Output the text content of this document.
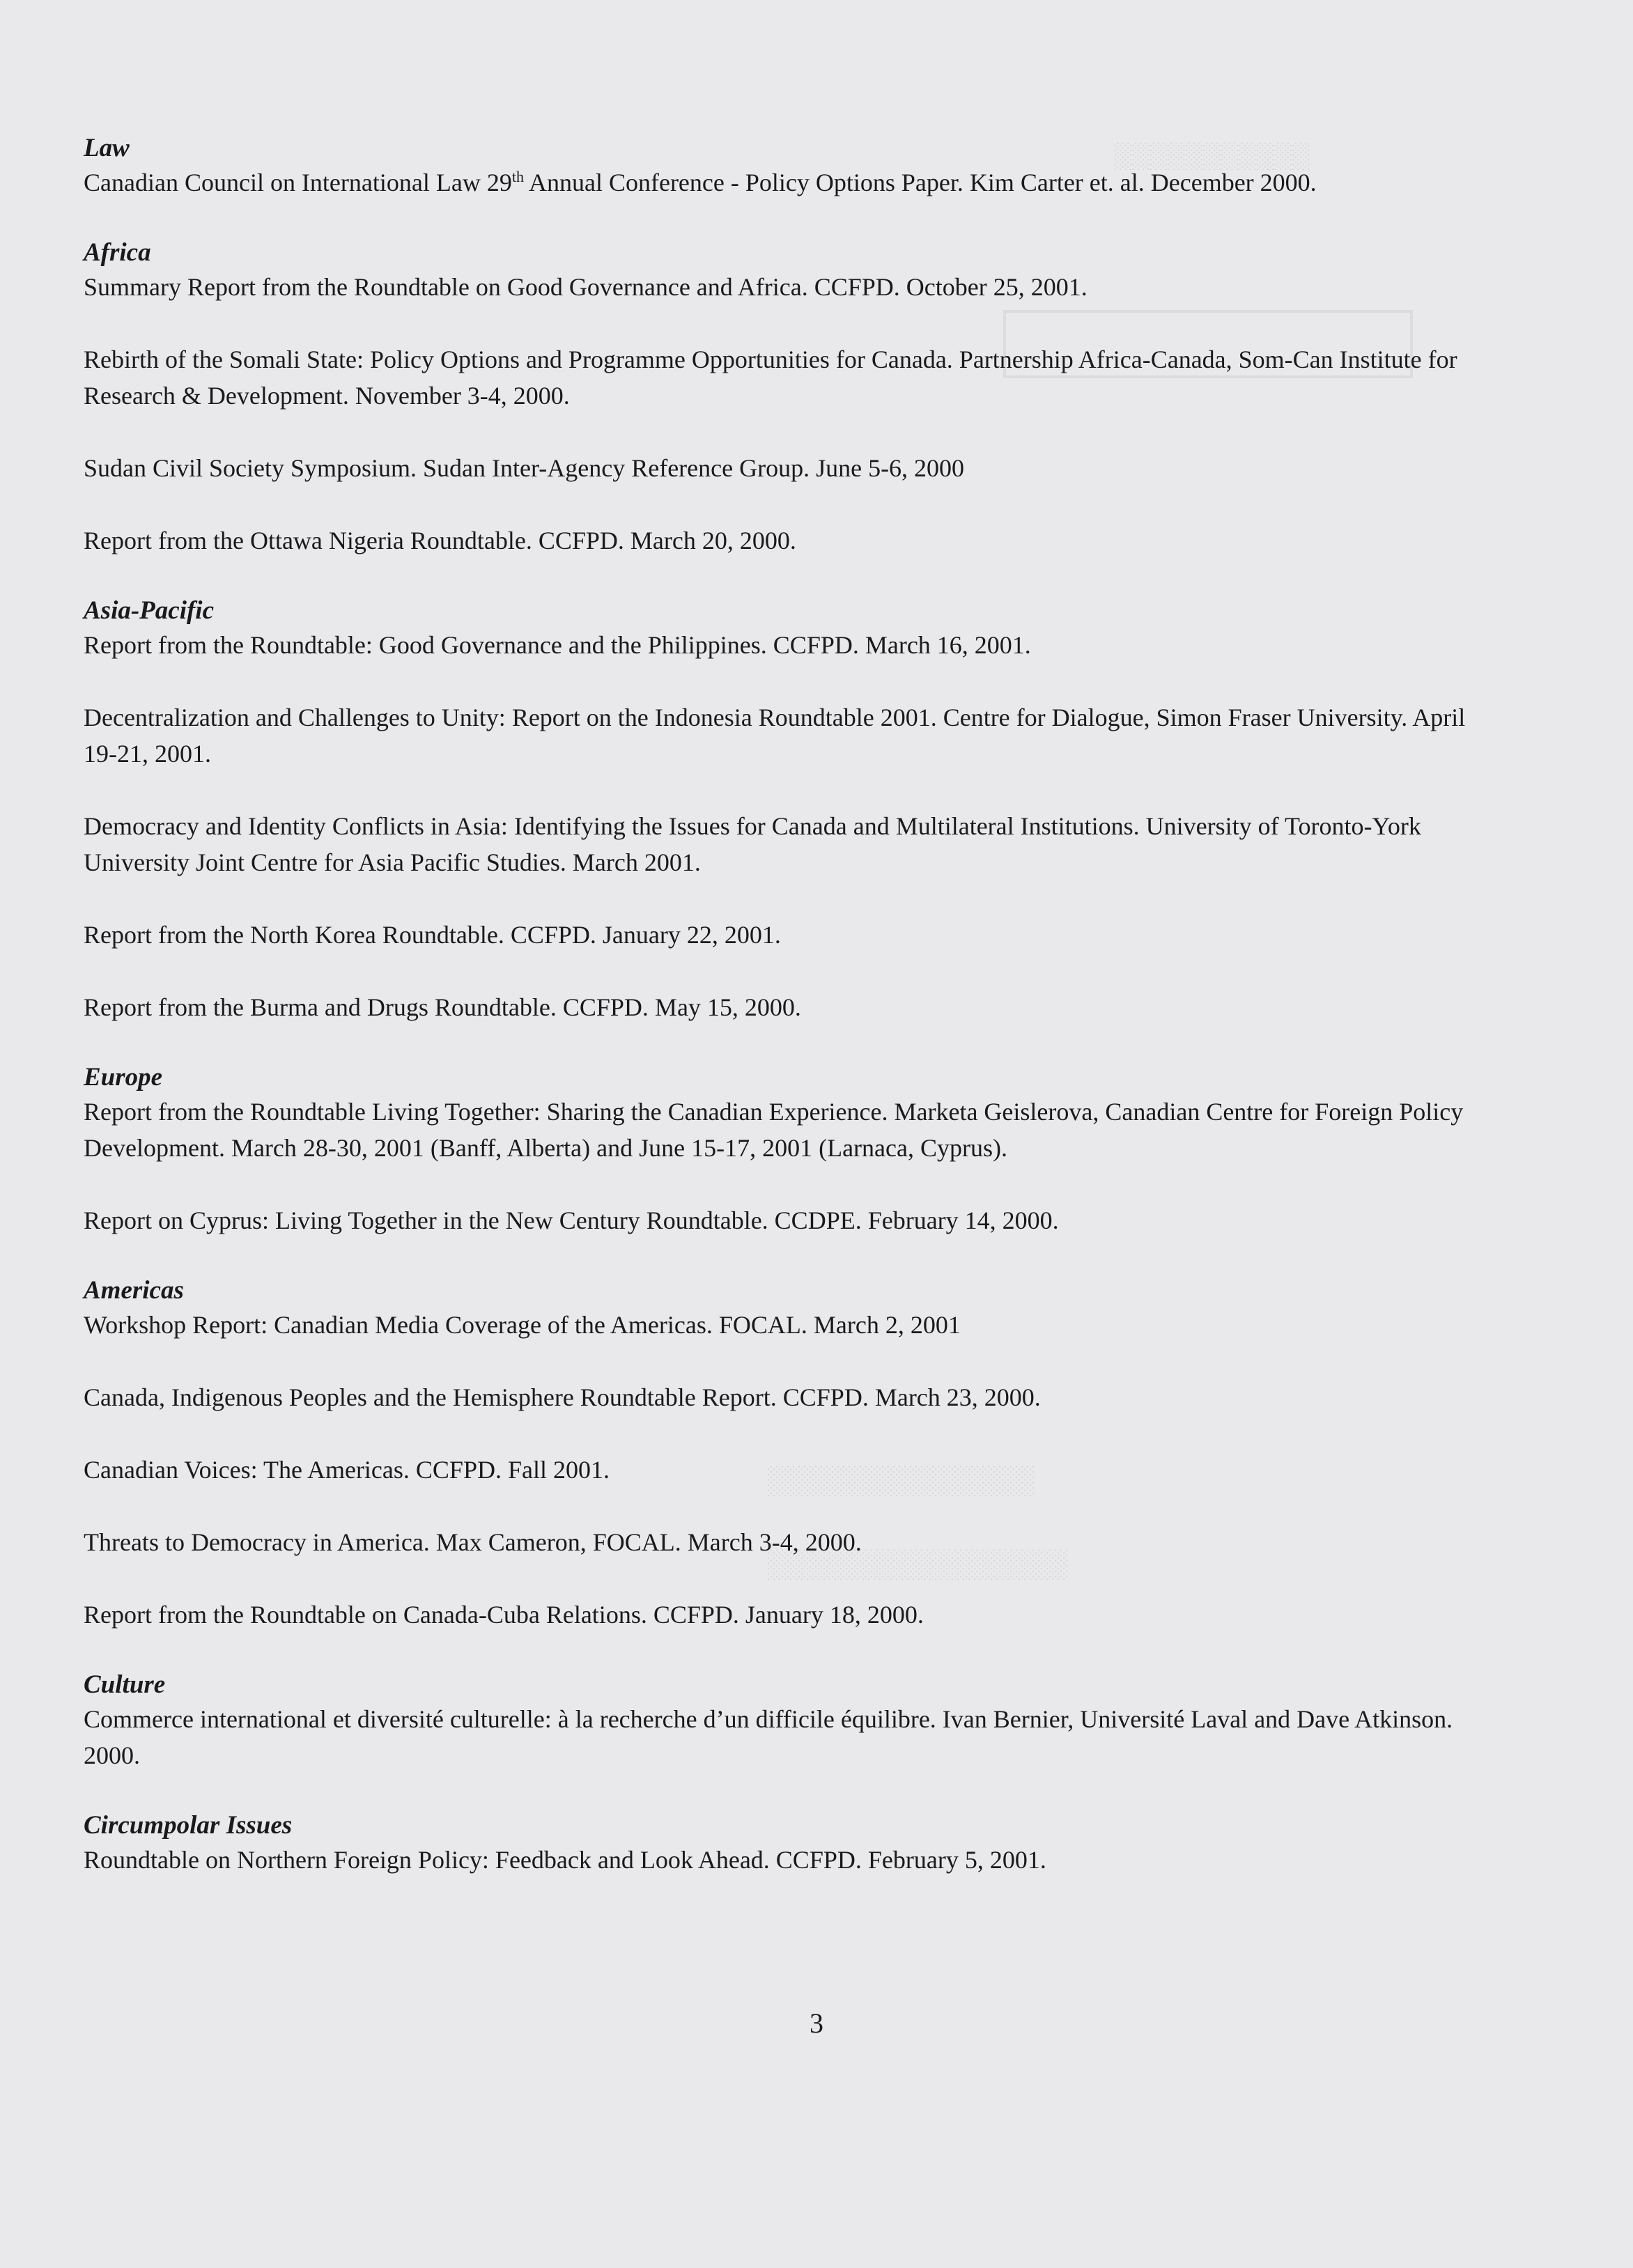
░░░░░░░░░░░
░░░░░░░░░░░░░░░░
░░░░░░░░░░░░░░░░░░
Law

Canadian Council on International Law 29th Annual Conference - Policy Options Paper. Kim Carter et. al. December 2000.

Africa

Summary Report from the Roundtable on Good Governance and Africa. CCFPD. October 25, 2001.

Rebirth of the Somali State: Policy Options and Programme Opportunities for Canada. Partnership Africa-Canada, Som-Can Institute for Research & Development. November 3-4, 2000.

Sudan Civil Society Symposium. Sudan Inter-Agency Reference Group. June 5-6, 2000

Report from the Ottawa Nigeria Roundtable. CCFPD. March 20, 2000.

Asia-Pacific

Report from the Roundtable: Good Governance and the Philippines. CCFPD. March 16, 2001.

Decentralization and Challenges to Unity: Report on the Indonesia Roundtable 2001. Centre for Dialogue, Simon Fraser University. April 19-21, 2001.

Democracy and Identity Conflicts in Asia: Identifying the Issues for Canada and Multilateral Institutions. University of Toronto-York University Joint Centre for Asia Pacific Studies. March 2001.

Report from the North Korea Roundtable. CCFPD. January 22, 2001.

Report from the Burma and Drugs Roundtable. CCFPD. May 15, 2000.

Europe

Report from the Roundtable Living Together: Sharing the Canadian Experience. Marketa Geislerova, Canadian Centre for Foreign Policy Development. March 28-30, 2001 (Banff, Alberta) and June 15-17, 2001 (Larnaca, Cyprus).

Report on Cyprus: Living Together in the New Century Roundtable. CCDPE. February 14, 2000.

Americas

Workshop Report: Canadian Media Coverage of the Americas. FOCAL. March 2, 2001

Canada, Indigenous Peoples and the Hemisphere Roundtable Report. CCFPD. March 23, 2000.

Canadian Voices: The Americas. CCFPD. Fall 2001.

Threats to Democracy in America. Max Cameron, FOCAL. March 3-4, 2000.

Report from the Roundtable on Canada-Cuba Relations. CCFPD. January 18, 2000.

Culture

Commerce international et diversité culturelle: à la recherche d’un difficile équilibre. Ivan Bernier, Université Laval and Dave Atkinson. 2000.

Circumpolar Issues

Roundtable on Northern Foreign Policy: Feedback and Look Ahead. CCFPD. February 5, 2001.

3
